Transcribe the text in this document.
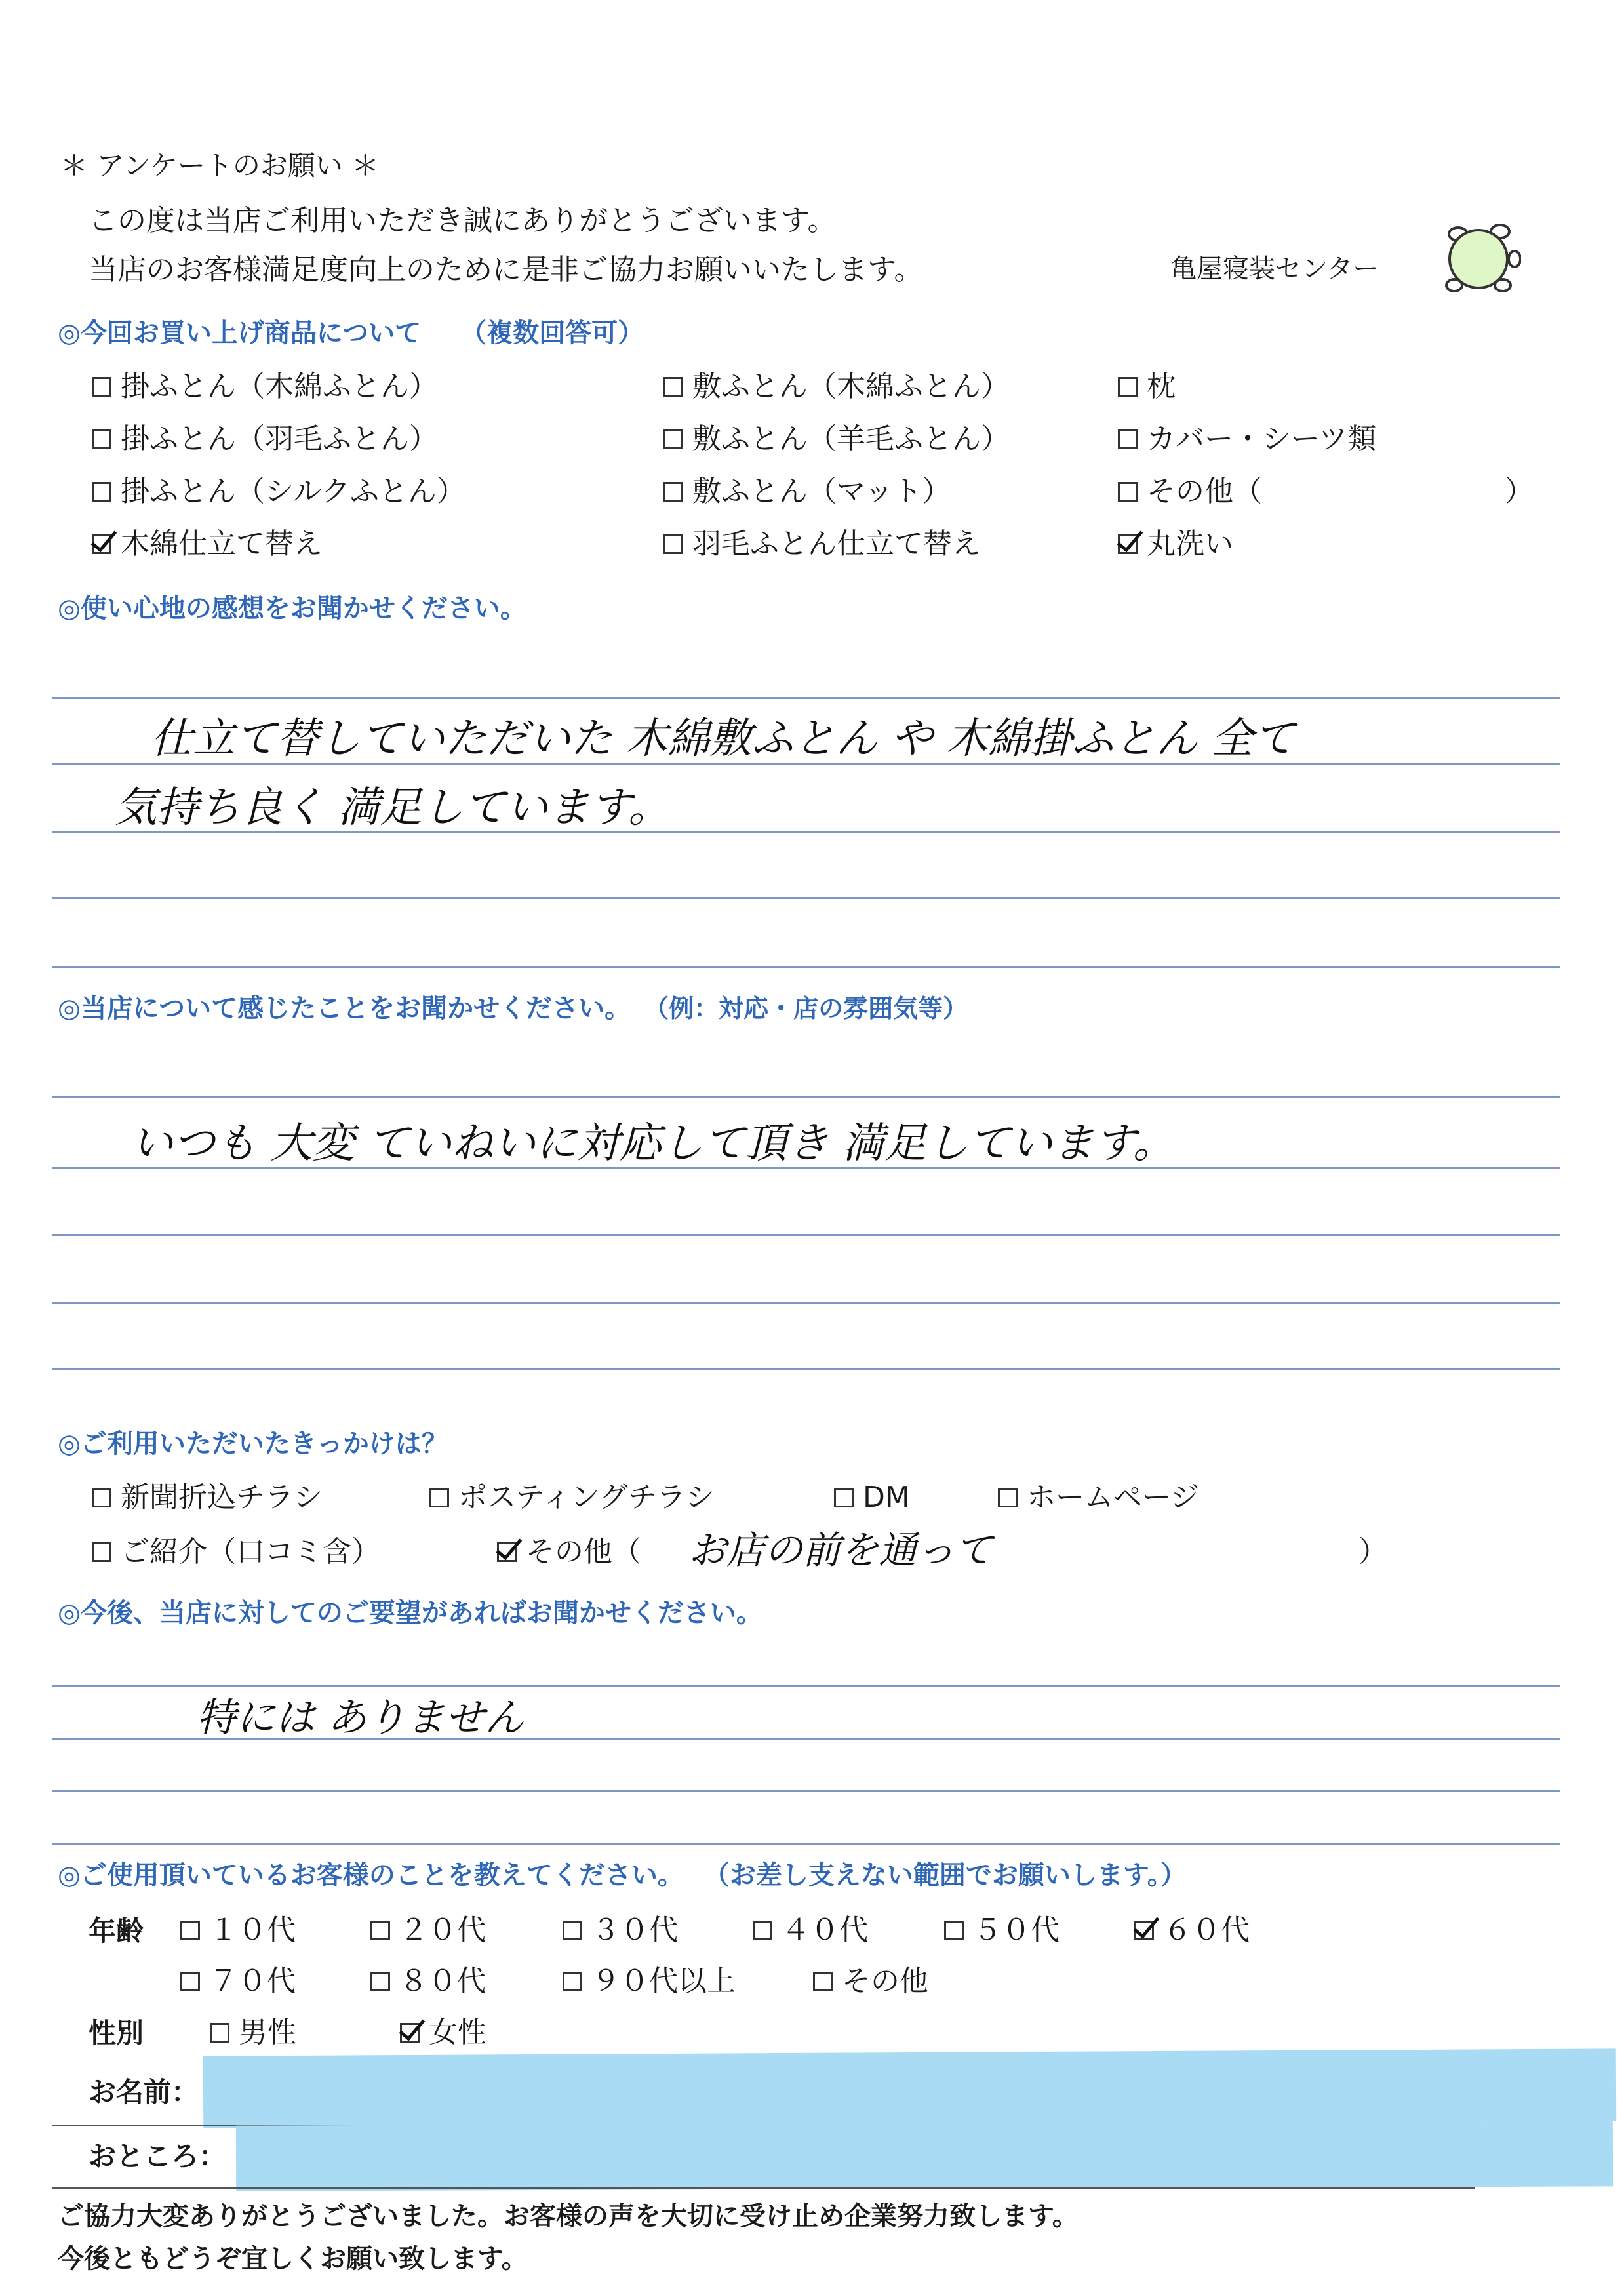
＊ アンケートのお願い ＊
この度は当店ご利用いただき誠にありがとうございます。
当店のお客様満足度向上のために是非ご協力お願いいたします。	亀屋寝装センター
◎今回お買い上げ商品について （複数回答可）
掛ふとん（木綿ふとん）	敷ふとん（木綿ふとん）	枕
掛ふとん（羽毛ふとん）	敷ふとん（羊毛ふとん）	カバー・シーツ類
掛ふとん（シルクふとん）	敷ふとん（マット）	その他（	）
木綿仕立て替え	羽毛ふとん仕立て替え	丸洗い
◎使い心地の感想をお聞かせください。
仕立て替していただいた 木綿敷ふとん や 木綿掛ふとん 全て
気持ち良く 満足しています。
◎当店について感じたことをお聞かせください。 （例：対応・店の雰囲気等）
いつも 大変 ていねいに対応して頂き 満足しています。
◎ご利用いただいたきっかけは？
新聞折込チラシ	ポスティングチラシ	DM	ホームページ
ご紹介（口コミ含）	その他（ お店の前を通って	）
◎今後、当店に対してのご要望があればお聞かせください。
特には ありません
◎ご使用頂いているお客様のことを教えてください。 （お差し支えない範囲でお願いします。）
年齢 １０代	２０代	３０代	４０代	５０代	６０代
７０代	８０代	９０代以上	その他
性別	男性	女性
お名前：
おところ：
ご協力大変ありがとうございました。お客様の声を大切に受け止め企業努力致します。
今後ともどうぞ宜しくお願い致します。
